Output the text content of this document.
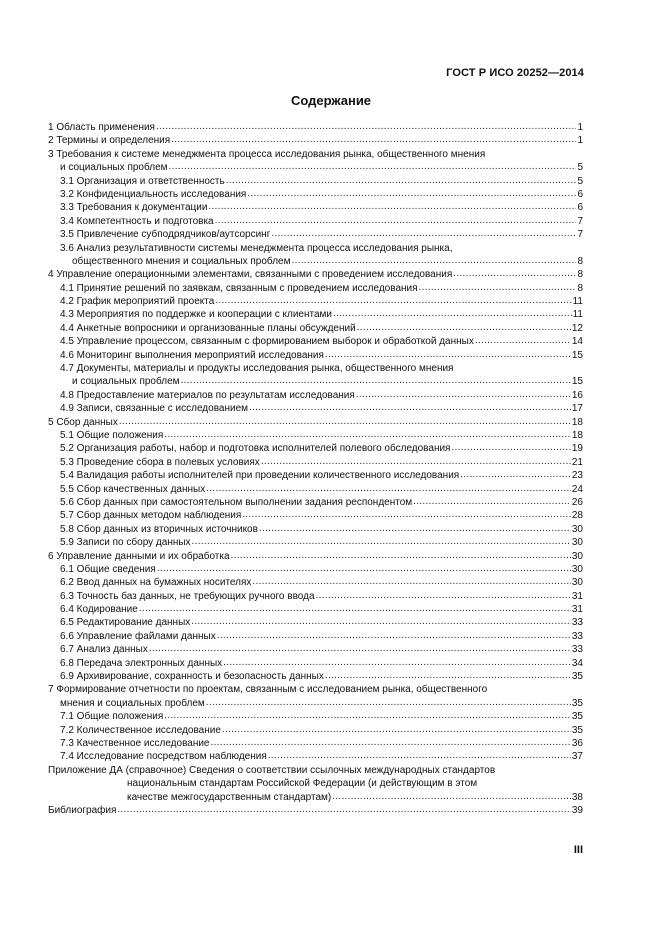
ГОСТ Р ИСО 20252—2014
Содержание
1 Область применения .....	1
2 Термины и определения .....	1
3 Требования к системе менеджмента процесса исследования рынка, общественного мнения
и социальных проблем .....	5
3.1 Организация и ответственность .....	5
3.2 Конфиденциальность исследования .....	6
3.3 Требования к документации .....	6
3.4 Компетентность и подготовка .....	7
3.5 Привлечение субподрядчиков/аутсорсинг .....	7
3.6 Анализ результативности системы менеджмента процесса исследования рынка,
общественного мнения и социальных проблем .....	8
4 Управление операционными элементами, связанными с проведением исследования .....	8
4.1 Принятие решений по заявкам, связанным с проведением исследования .....	8
4.2 График мероприятий проекта .....	11
4.3 Мероприятия по поддержке и кооперации с клиентами .....	11
4.4 Анкетные вопросники и организованные планы обсуждений .....	12
4.5 Управление процессом, связанным с формированием выборок и обработкой данных .....	14
4.6 Мониторинг выполнения мероприятий исследования .....	15
4.7 Документы, материалы и продукты исследования рынка, общественного мнения
и социальных проблем .....	15
4.8 Предоставление материалов по результатам исследования .....	16
4.9 Записи, связанные с исследованием .....	17
5 Сбор данных .....	18
5.1 Общие положения .....	18
5.2 Организация работы, набор и подготовка исполнителей полевого обследования .....	19
5.3 Проведение сбора в полевых условиях .....	21
5.4 Валидация работы исполнителей при проведении количественного исследования .....	23
5.5 Сбор качественных данных .....	24
5.6 Сбор данных при самостоятельном выполнении задания респондентом .....	26
5.7 Сбор данных методом наблюдения .....	28
5.8 Сбор данных из вторичных источников .....	30
5.9 Записи по сбору данных .....	30
6 Управление данными и их обработка .....	30
6.1 Общие сведения .....	30
6.2 Ввод данных на бумажных носителях .....	30
6.3 Точность баз данных, не требующих ручного ввода .....	31
6.4 Кодирование .....	31
6.5 Редактирование данных .....	33
6.6 Управление файлами данных .....	33
6.7 Анализ данных .....	33
6.8 Передача электронных данных .....	34
6.9 Архивирование, сохранность и безопасность данных .....	35
7 Формирование отчетности по проектам, связанным с исследованием рынка, общественного
мнения и социальных проблем .....	35
7.1 Общие положения .....	35
7.2 Количественное исследование .....	35
7.3 Качественное исследование .....	36
7.4 Исследование посредством наблюдения .....	37
Приложение ДА (справочное) Сведения о соответствии ссылочных международных стандартов
национальным стандартам Российской Федерации (и действующим в этом
качестве межгосударственным стандартам) .....	38
Библиография .....	39
III
